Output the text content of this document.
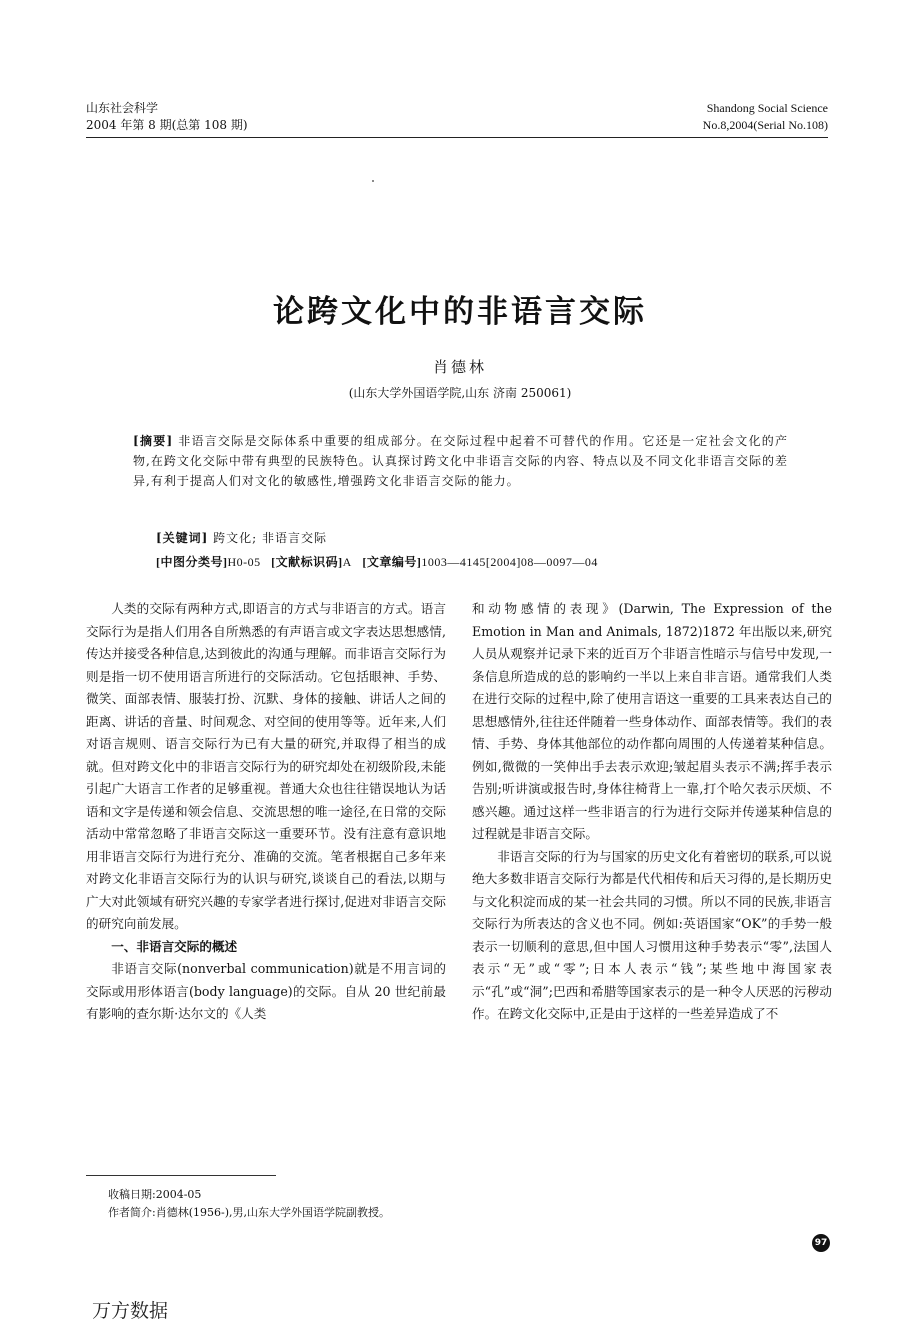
山东社会科学
2004 年第 8 期(总第 108 期)
Shandong Social Science
No.8,2004(Serial No.108)
论跨文化中的非语言交际
肖德林
(山东大学外国语学院,山东 济南 250061)
[摘要] 非语言交际是交际体系中重要的组成部分。在交际过程中起着不可替代的作用。它还是一定社会文化的产物,在跨文化交际中带有典型的民族特色。认真探讨跨文化中非语言交际的内容、特点以及不同文化非语言交际的差异,有利于提高人们对文化的敏感性,增强跨文化非语言交际的能力。
[关键词] 跨文化; 非语言交际
[中图分类号]H0-05 [文献标识码]A [文章编号]1003—4145[2004]08—0097—04

人类的交际有两种方式,即语言的方式与非语言的方式。语言交际行为是指人们用各自所熟悉的有声语言或文字表达思想感情,传达并接受各种信息,达到彼此的沟通与理解。而非语言交际行为则是指一切不使用语言所进行的交际活动。它包括眼神、手势、微笑、面部表情、服装打扮、沉默、身体的接触、讲话人之间的距离、讲话的音量、时间观念、对空间的使用等等。近年来,人们对语言规则、语言交际行为已有大量的研究,并取得了相当的成就。但对跨文化中的非语言交际行为的研究却处在初级阶段,未能引起广大语言工作者的足够重视。普通大众也往往错误地认为话语和文字是传递和领会信息、交流思想的唯一途径,在日常的交际活动中常常忽略了非语言交际这一重要环节。没有注意有意识地用非语言交际行为进行充分、准确的交流。笔者根据自己多年来对跨文化非语言交际行为的认识与研究,谈谈自己的看法,以期与广大对此领域有研究兴趣的专家学者进行探讨,促进对非语言交际的研究向前发展。

一、非语言交际的概述

非语言交际(nonverbal communication)就是不用言词的交际或用形体语言(body language)的交际。自从 20 世纪前最有影响的查尔斯·达尔文的《人类

和动物感情的表现》(Darwin, The Expression of the Emotion in Man and Animals, 1872)1872 年出版以来,研究人员从观察并记录下来的近百万个非语言性暗示与信号中发现,一条信息所造成的总的影响约一半以上来自非言语。通常我们人类在进行交际的过程中,除了使用言语这一重要的工具来表达自己的思想感情外,往往还伴随着一些身体动作、面部表情等。我们的表情、手势、身体其他部位的动作都向周围的人传递着某种信息。例如,微微的一笑伸出手去表示欢迎;皱起眉头表示不满;挥手表示告别;听讲演或报告时,身体往椅背上一靠,打个哈欠表示厌烦、不感兴趣。通过这样一些非语言的行为进行交际并传递某种信息的过程就是非语言交际。

非语言交际的行为与国家的历史文化有着密切的联系,可以说绝大多数非语言交际行为都是代代相传和后天习得的,是长期历史与文化积淀而成的某一社会共同的习惯。所以不同的民族,非语言交际行为所表达的含义也不同。例如:英语国家“OK”的手势一般表示一切顺利的意思,但中国人习惯用这种手势表示“零”,法国人表示“无”或“零”;日本人表示“钱”;某些地中海国家表示“孔”或“洞”;巴西和希腊等国家表示的是一种令人厌恶的污秽动作。在跨文化交际中,正是由于这样的一些差异造成了不

收稿日期:2004-05
作者简介:肖德林(1956-),男,山东大学外国语学院副教授。
97
万方数据
